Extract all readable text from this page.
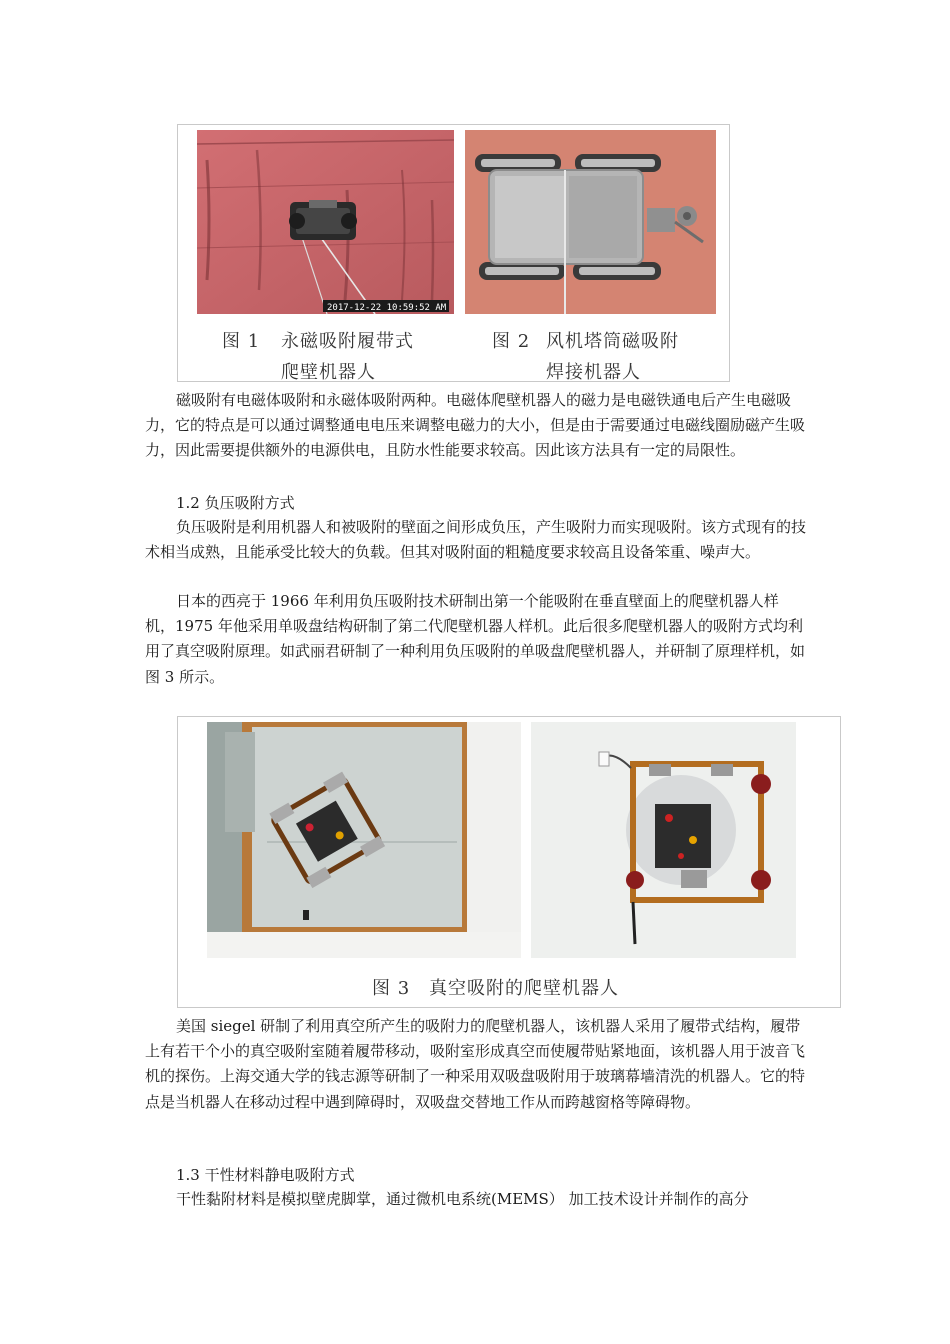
2017-12-22 10:59:52 AM
图 1 永磁吸附履带式
爬壁机器人
图 2 风机塔筒磁吸附
焊接机器人

磁吸附有电磁体吸附和永磁体吸附两种。电磁体爬壁机器人的磁力是电磁铁通电后产生电磁吸力，它的特点是可以通过调整通电电压来调整电磁力的大小，但是由于需要通过电磁线圈励磁产生吸力，因此需要提供额外的电源供电，且防水性能要求较高。因此该方法具有一定的局限性。

1.2 负压吸附方式

负压吸附是利用机器人和被吸附的壁面之间形成负压，产生吸附力而实现吸附。该方式现有的技术相当成熟，且能承受比较大的负载。但其对吸附面的粗糙度要求较高且设备笨重、噪声大。

日本的西亮于 1966 年利用负压吸附技术研制出第一个能吸附在垂直壁面上的爬壁机器人样机，1975 年他采用单吸盘结构研制了第二代爬壁机器人样机。此后很多爬壁机器人的吸附方式均利用了真空吸附原理。如武丽君研制了一种利用负压吸附的单吸盘爬壁机器人，并研制了原理样机，如图 3 所示。

图 3 真空吸附的爬壁机器人

美国 siegel 研制了利用真空所产生的吸附力的爬壁机器人，该机器人采用了履带式结构，履带上有若干个小的真空吸附室随着履带移动，吸附室形成真空而使履带贴紧地面，该机器人用于波音飞机的探伤。上海交通大学的钱志源等研制了一种采用双吸盘吸附用于玻璃幕墙清洗的机器人。它的特点是当机器人在移动过程中遇到障碍时，双吸盘交替地工作从而跨越窗格等障碍物。

1.3 干性材料静电吸附方式

干性黏附材料是模拟壁虎脚掌，通过微机电系统(MEMS） 加工技术设计并制作的高分
